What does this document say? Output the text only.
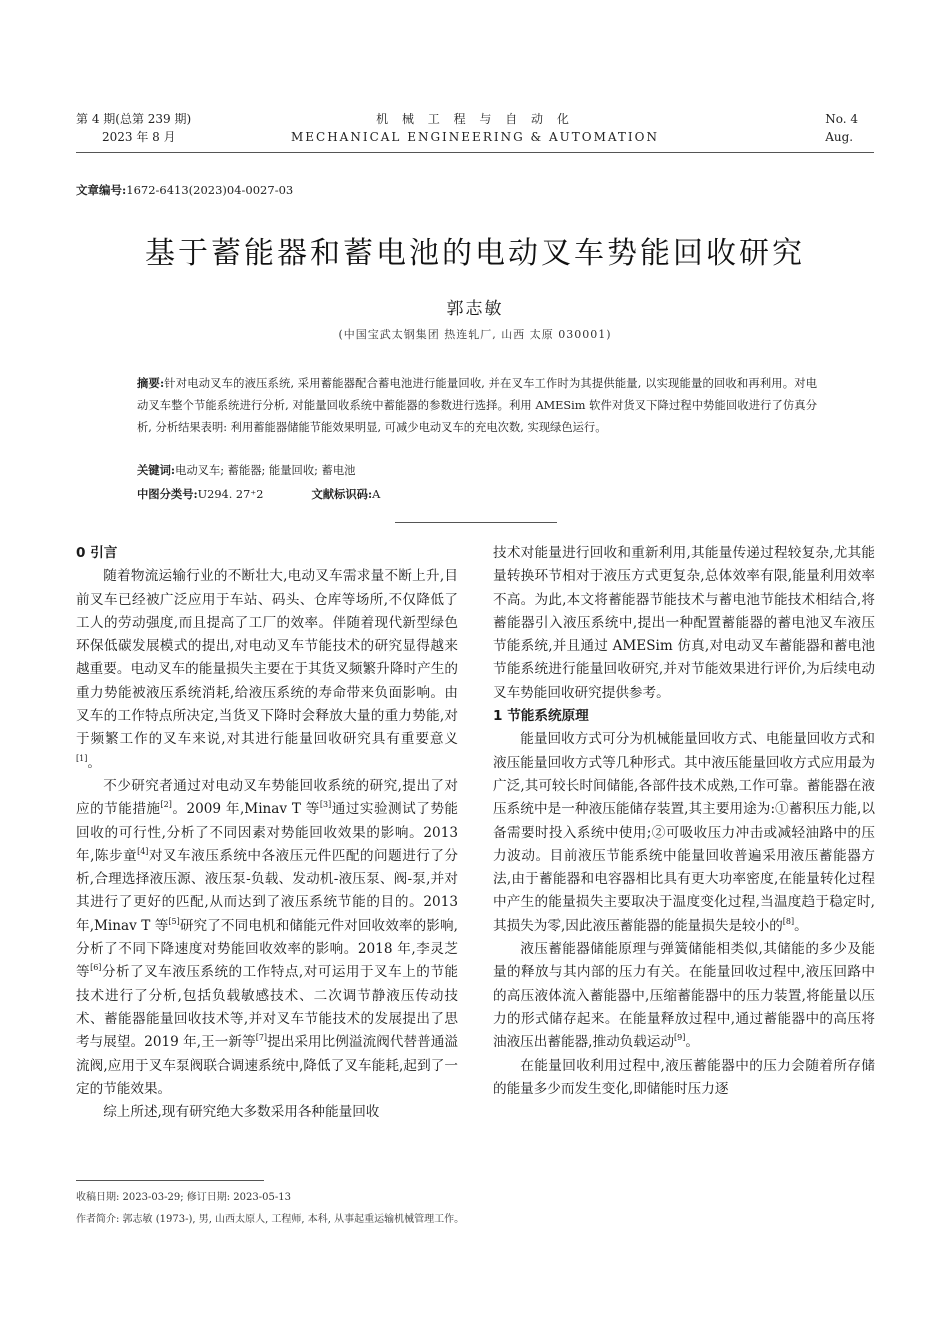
第 4 期(总第 239 期)
2023 年 8 月
机 械 工 程 与 自 动 化
MECHANICAL ENGINEERING & AUTOMATION
No. 4
Aug.
文章编号:1672-6413(2023)04-0027-03
基于蓄能器和蓄电池的电动叉车势能回收研究
郭志敏
(中国宝武太钢集团 热连轧厂, 山西 太原 030001)
摘要:针对电动叉车的液压系统, 采用蓄能器配合蓄电池进行能量回收, 并在叉车工作时为其提供能量, 以实现能量的回收和再利用。对电动叉车整个节能系统进行分析, 对能量回收系统中蓄能器的参数进行选择。利用 AMESim 软件对货叉下降过程中势能回收进行了仿真分析, 分析结果表明: 利用蓄能器储能节能效果明显, 可减少电动叉车的充电次数, 实现绿色运行。
关键词:电动叉车; 蓄能器; 能量回收; 蓄电池
中图分类号:U294. 27⁺2	文献标识码:A
0 引言

随着物流运输行业的不断壮大,电动叉车需求量不断上升,目前叉车已经被广泛应用于车站、码头、仓库等场所,不仅降低了工人的劳动强度,而且提高了工厂的效率。伴随着现代新型绿色环保低碳发展模式的提出,对电动叉车节能技术的研究显得越来越重要。电动叉车的能量损失主要在于其货叉频繁升降时产生的重力势能被液压系统消耗,给液压系统的寿命带来负面影响。由叉车的工作特点所决定,当货叉下降时会释放大量的重力势能,对于频繁工作的叉车来说,对其进行能量回收研究具有重要意义[1]。

不少研究者通过对电动叉车势能回收系统的研究,提出了对应的节能措施[2]。2009 年,Minav T 等[3]通过实验测试了势能回收的可行性,分析了不同因素对势能回收效果的影响。2013 年,陈步童[4]对叉车液压系统中各液压元件匹配的问题进行了分析,合理选择液压源、液压泵-负载、发动机-液压泵、阀-泵,并对其进行了更好的匹配,从而达到了液压系统节能的目的。2013 年,Minav T 等[5]研究了不同电机和储能元件对回收效率的影响,分析了不同下降速度对势能回收效率的影响。2018 年,李灵芝等[6]分析了叉车液压系统的工作特点,对可运用于叉车上的节能技术进行了分析,包括负载敏感技术、二次调节静液压传动技术、蓄能器能量回收技术等,并对叉车节能技术的发展提出了思考与展望。2019 年,王一新等[7]提出采用比例溢流阀代替普通溢流阀,应用于叉车泵阀联合调速系统中,降低了叉车能耗,起到了一定的节能效果。

综上所述,现有研究绝大多数采用各种能量回收

技术对能量进行回收和重新利用,其能量传递过程较复杂,尤其能量转换环节相对于液压方式更复杂,总体效率有限,能量利用效率不高。为此,本文将蓄能器节能技术与蓄电池节能技术相结合,将蓄能器引入液压系统中,提出一种配置蓄能器的蓄电池叉车液压节能系统,并且通过 AMESim 仿真,对电动叉车蓄能器和蓄电池节能系统进行能量回收研究,并对节能效果进行评价,为后续电动叉车势能回收研究提供参考。

1 节能系统原理

能量回收方式可分为机械能量回收方式、电能量回收方式和液压能量回收方式等几种形式。其中液压能量回收方式应用最为广泛,其可较长时间储能,各部件技术成熟,工作可靠。蓄能器在液压系统中是一种液压能储存装置,其主要用途为:①蓄积压力能,以备需要时投入系统中使用;②可吸收压力冲击或减轻油路中的压力波动。目前液压节能系统中能量回收普遍采用液压蓄能器方法,由于蓄能器和电容器相比具有更大功率密度,在能量转化过程中产生的能量损失主要取决于温度变化过程,当温度趋于稳定时,其损失为零,因此液压蓄能器的能量损失是较小的[8]。

液压蓄能器储能原理与弹簧储能相类似,其储能的多少及能量的释放与其内部的压力有关。在能量回收过程中,液压回路中的高压液体流入蓄能器中,压缩蓄能器中的压力装置,将能量以压力的形式储存起来。在能量释放过程中,通过蓄能器中的高压将油液压出蓄能器,推动负载运动[9]。

在能量回收利用过程中,液压蓄能器中的压力会随着所存储的能量多少而发生变化,即储能时压力逐

收稿日期: 2023-03-29; 修订日期: 2023-05-13
作者简介: 郭志敏 (1973-), 男, 山西太原人, 工程师, 本科, 从事起重运输机械管理工作。
